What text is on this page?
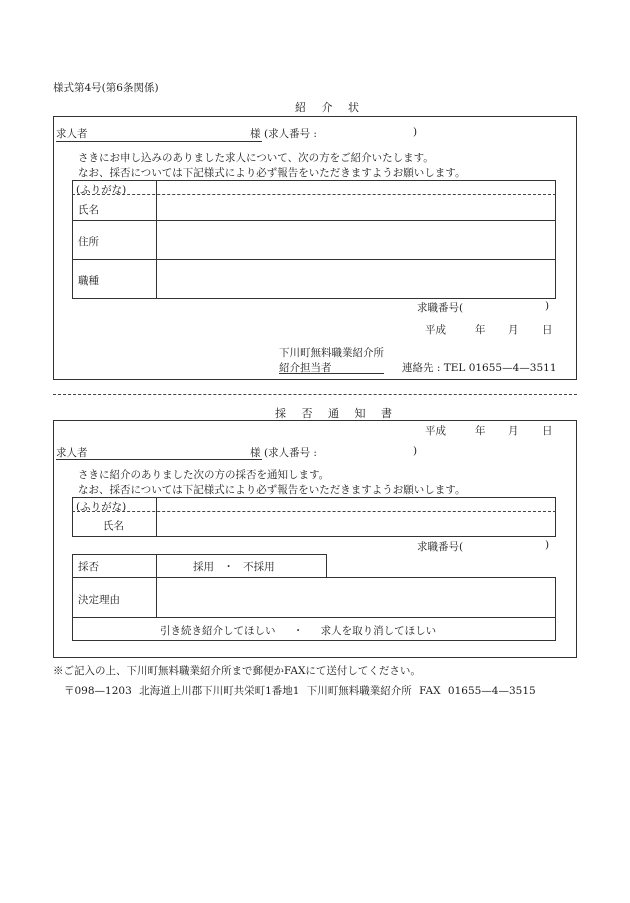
様式第4号(第6条関係)
紹 介 状
求人者	様 (求人番号 :	)
さきにお申し込みのありました求人について、次の方をご紹介いたします。
なお、採否については下記様式により必ず報告をいただきますようお願いします。
(ふりがな)
氏名
住所
職種
求職番号(	)
平成	年 月 日
下川町無料職業紹介所
紹介担当者	連絡先 : TEL 01655—4—3511
採 否 通 知 書
平成	年 月 日
求人者	様 (求人番号 :	)
さきに紹介のありました次の方の採否を通知します。
なお、採否については下記様式により必ず報告をいただきますようお願いします。
(ふりがな)
氏名
求職番号(	)
採否	採用 ・ 不採用
決定理由
引き続き紹介してほしい ・ 求人を取り消してほしい
※ご記入の上、下川町無料職業紹介所まで郵便かFAXにて送付してください。
〒098—1203 北海道上川郡下川町共栄町1番地1 下川町無料職業紹介所 FAX 01655—4—3515
